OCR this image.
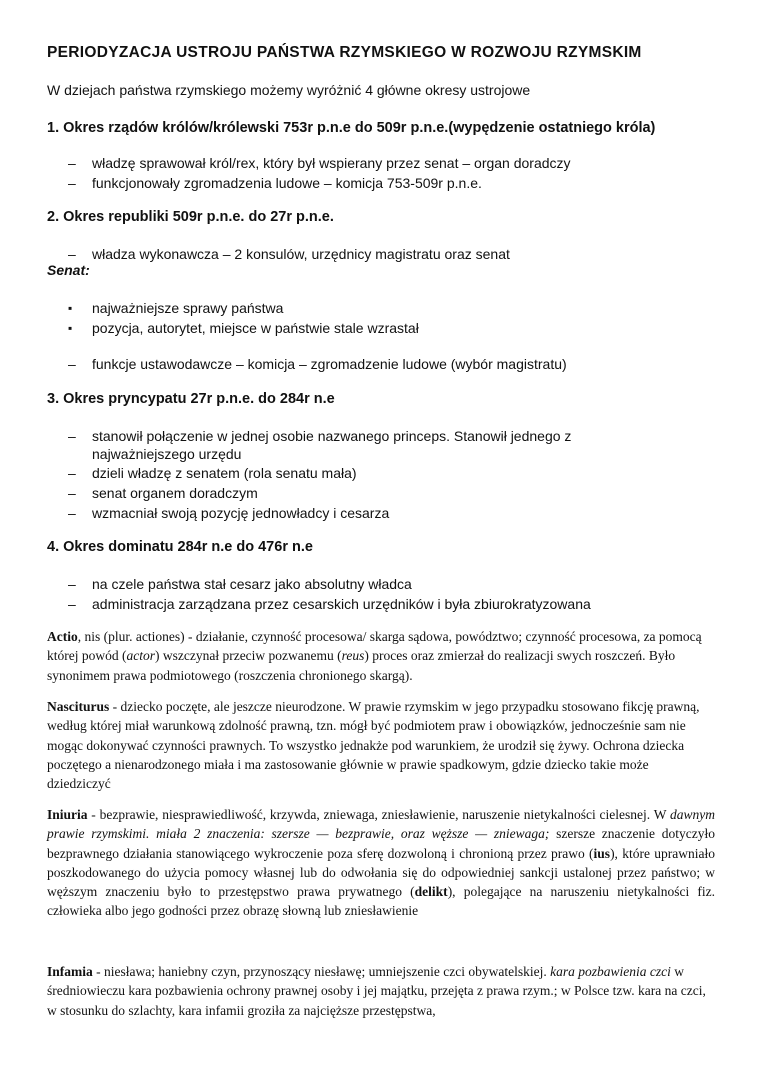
PERIODYZACJA USTROJU PAŃSTWA RZYMSKIEGO W ROZWOJU RZYMSKIM
W dziejach państwa rzymskiego możemy wyróżnić 4 główne okresy ustrojowe
1. Okres rządów królów/królewski 753r p.n.e do 509r p.n.e.(wypędzenie ostatniego króla)
– władzę sprawował król/rex, który był wspierany przez senat – organ doradczy
– funkcjonowały zgromadzenia ludowe – komicja 753-509r p.n.e.
2. Okres republiki 509r p.n.e. do 27r p.n.e.
– władza wykonawcza – 2 konsulów, urzędnicy magistratu oraz senat
Senat:
▪ najważniejsze sprawy państwa
▪ pozycja, autorytet, miejsce w państwie stale wzrastał
– funkcje ustawodawcze – komicja – zgromadzenie ludowe (wybór magistratu)
3. Okres pryncypatu 27r p.n.e. do 284r n.e
– stanowił połączenie w jednej osobie nazwanego princeps. Stanowił jednego z
najważniejszego urzędu
– dzieli władzę z senatem (rola senatu mała)
– senat organem doradczym
– wzmacniał swoją pozycję jednowładcy i cesarza
4. Okres dominatu 284r n.e do 476r n.e
– na czele państwa stał cesarz jako absolutny władca
– administracja zarządzana przez cesarskich urzędników i była zbiurokratyzowana
Actio, nis (plur. actiones) - działanie, czynność procesowa/ skarga sądowa, powództwo; czynność procesowa, za pomocą której powód (actor) wszczynał przeciw pozwanemu (reus) proces oraz zmierzał do realizacji swych roszczeń. Było synonimem prawa podmiotowego (roszczenia chronionego skargą).
Nasciturus - dziecko poczęte, ale jeszcze nieurodzone. W prawie rzymskim w jego przypadku stosowano fikcję prawną, według której miał warunkową zdolność prawną, tzn. mógł być podmiotem praw i obowiązków, jednocześnie sam nie mogąc dokonywać czynności prawnych. To wszystko jednakże pod warunkiem, że urodził się żywy. Ochrona dziecka poczętego a nienarodzonego miała i ma zastosowanie głównie w prawie spadkowym, gdzie dziecko takie może dziedziczyć
Iniuria - bezprawie, niesprawiedliwość, krzywda, zniewaga, zniesławienie, naruszenie nietykalności cielesnej. W dawnym prawie rzymskimi. miała 2 znaczenia: szersze — bezprawie, oraz węższe — zniewaga; szersze znaczenie dotyczyło bezprawnego działania stanowiącego wykroczenie poza sferę dozwoloną i chronioną przez prawo (ius), które uprawniało poszkodowanego do użycia pomocy własnej lub do odwołania się do odpowiedniej sankcji ustalonej przez państwo; w węższym znaczeniu było to przestępstwo prawa prywatnego (delikt), polegające na naruszeniu nietykalności fiz. człowieka albo jego godności przez obrazę słowną lub zniesławienie
Infamia - niesława; haniebny czyn, przynoszący niesławę; umniejszenie czci obywatelskiej. kara pozbawienia czci w średniowieczu kara pozbawienia ochrony prawnej osoby i jej majątku, przejęta z prawa rzym.; w Polsce tzw. kara na czci, w stosunku do szlachty, kara infamii groziła za najcięższe przestępstwa,
